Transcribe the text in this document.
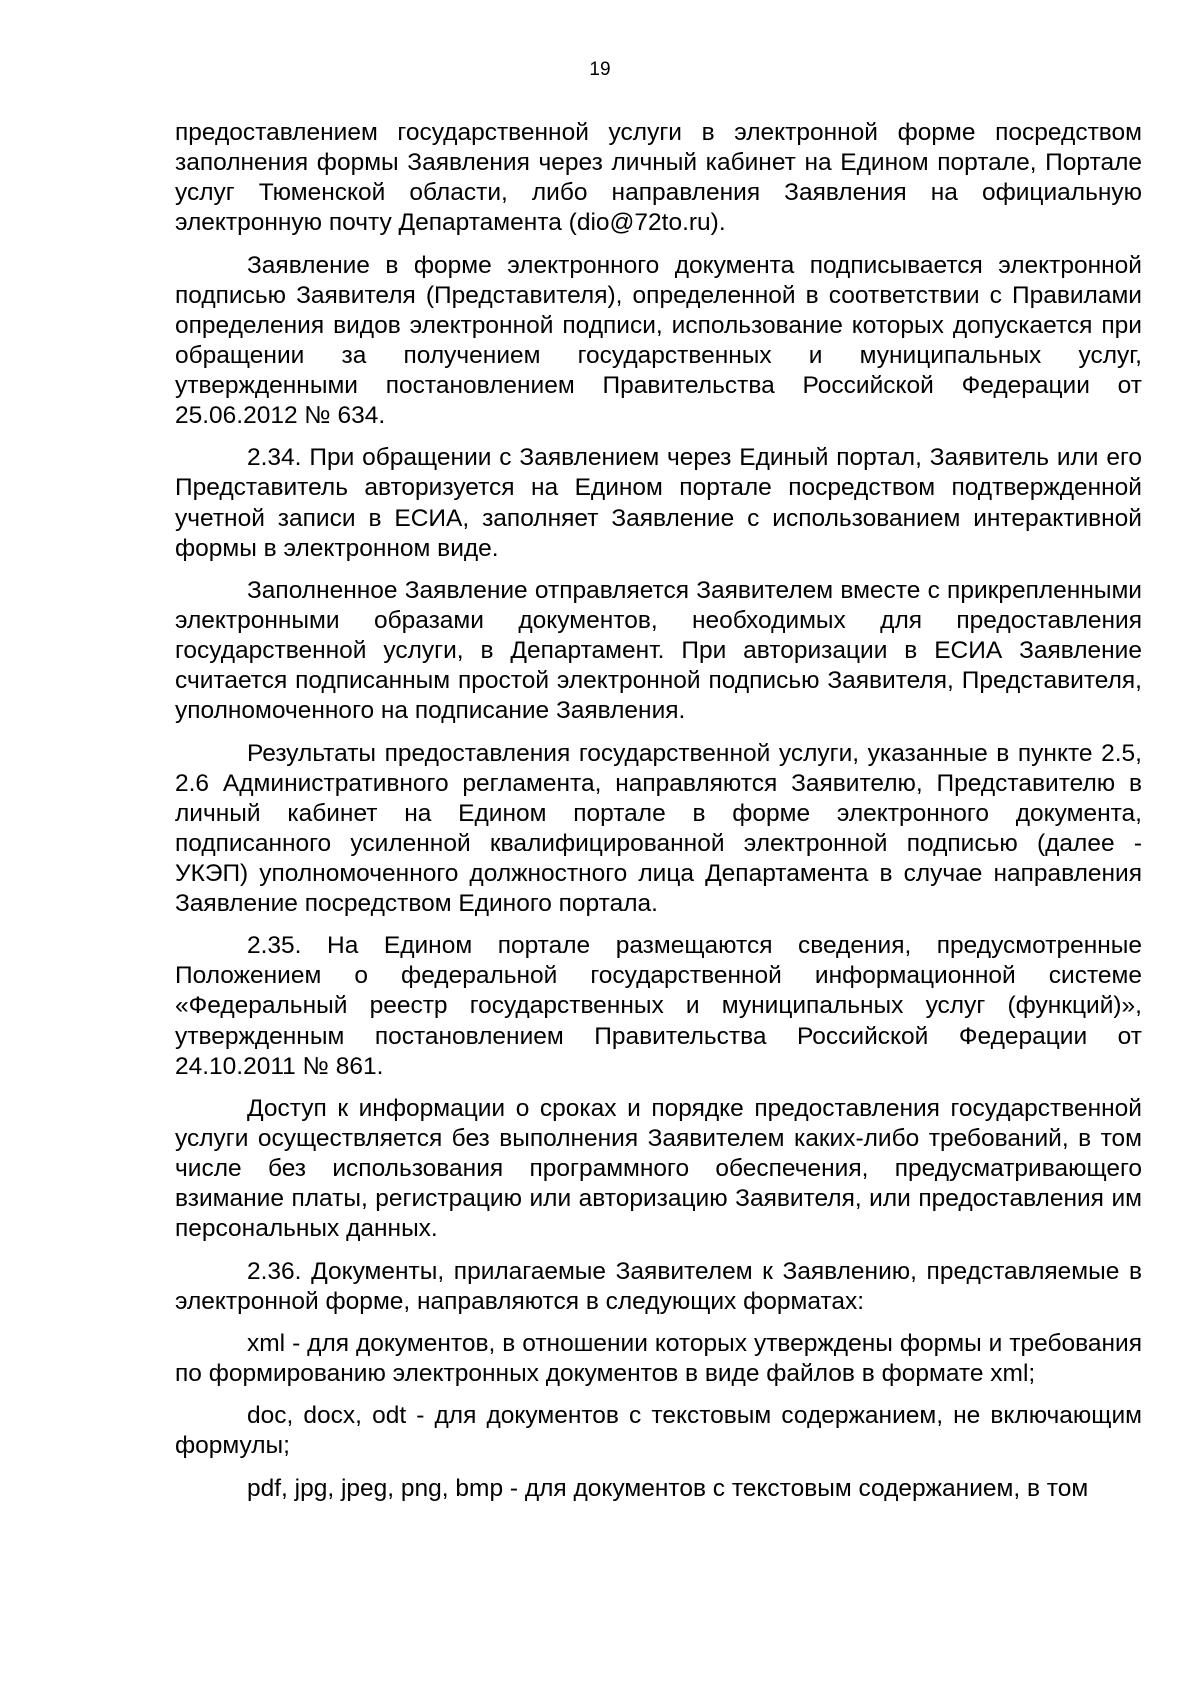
19

предоставлением государственной услуги в электронной форме посредством заполнения формы Заявления через личный кабинет на Едином портале, Портале услуг Тюменской области, либо направления Заявления на официальную электронную почту Департамента (dio@72to.ru).

Заявление в форме электронного документа подписывается электронной подписью Заявителя (Представителя), определенной в соответствии с Правилами определения видов электронной подписи, использование которых допускается при обращении за получением государственных и муниципальных услуг, утвержденными постановлением Правительства Российской Федерации от 25.06.2012 № 634.

2.34. При обращении с Заявлением через Единый портал, Заявитель или его Представитель авторизуется на Едином портале посредством подтвержденной учетной записи в ЕСИА, заполняет Заявление с использованием интерактивной формы в электронном виде.

Заполненное Заявление отправляется Заявителем вместе с прикрепленными электронными образами документов, необходимых для предоставления государственной услуги, в Департамент. При авторизации в ЕСИА Заявление считается подписанным простой электронной подписью Заявителя, Представителя, уполномоченного на подписание Заявления.

Результаты предоставления государственной услуги, указанные в пункте 2.5, 2.6 Административного регламента, направляются Заявителю, Представителю в личный кабинет на Едином портале в форме электронного документа, подписанного усиленной квалифицированной электронной подписью (далее - УКЭП) уполномоченного должностного лица Департамента в случае направления Заявление посредством Единого портала.

2.35. На Едином портале размещаются сведения, предусмотренные Положением о федеральной государственной информационной системе «Федеральный реестр государственных и муниципальных услуг (функций)», утвержденным постановлением Правительства Российской Федерации от 24.10.2011 № 861.

Доступ к информации о сроках и порядке предоставления государственной услуги осуществляется без выполнения Заявителем каких-либо требований, в том числе без использования программного обеспечения, предусматривающего взимание платы, регистрацию или авторизацию Заявителя, или предоставления им персональных данных.

2.36. Документы, прилагаемые Заявителем к Заявлению, представляемые в электронной форме, направляются в следующих форматах:

xml - для документов, в отношении которых утверждены формы и требования по формированию электронных документов в виде файлов в формате xml;

doc, docx, odt - для документов с текстовым содержанием, не включающим формулы;

pdf, jpg, jpeg, png, bmp - для документов с текстовым содержанием, в том
